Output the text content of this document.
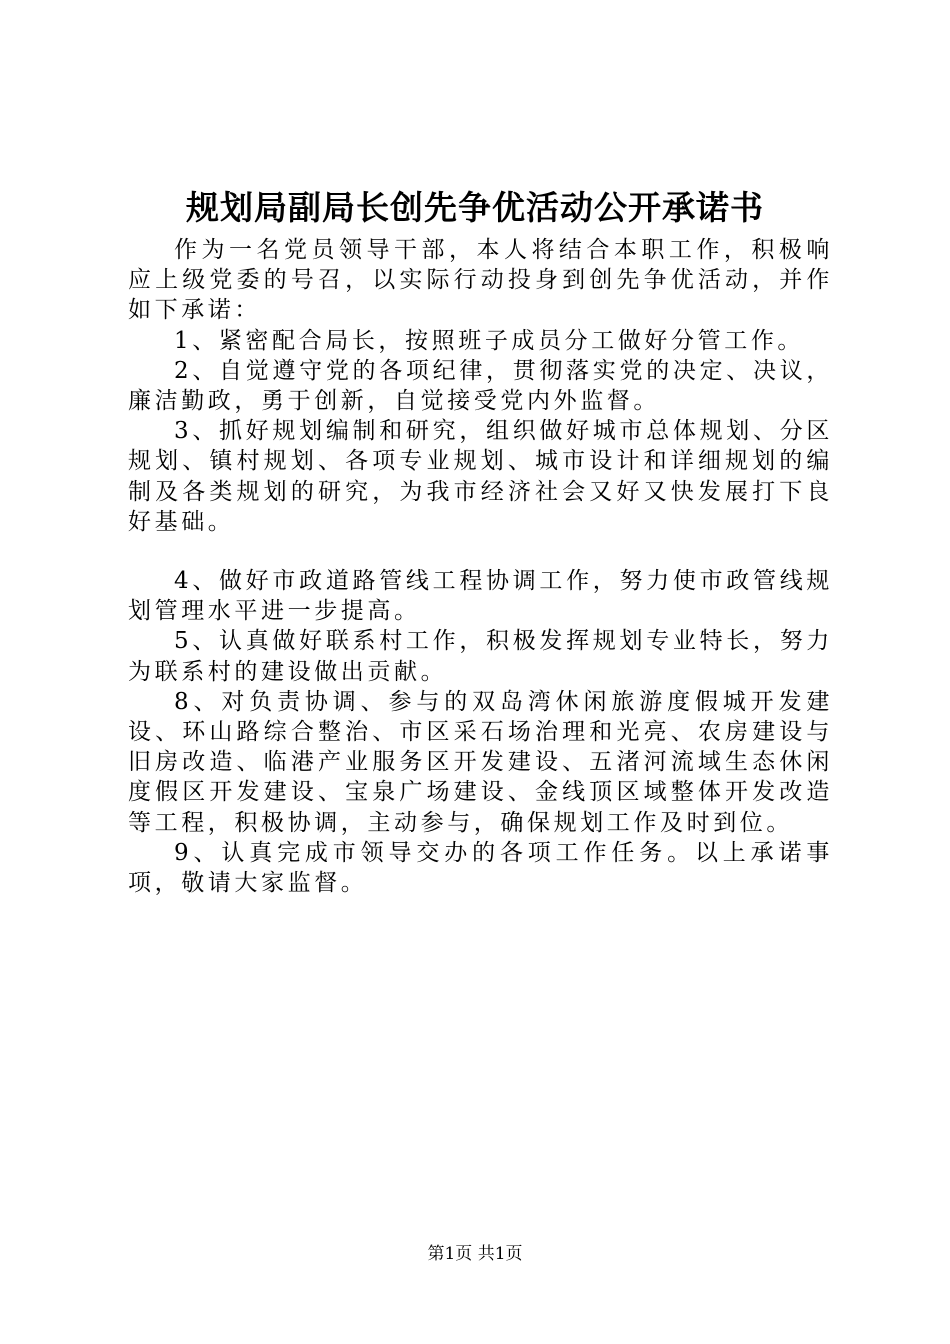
规划局副局长创先争优活动公开承诺书

作为一名党员领导干部，本人将结合本职工作，积极响应上级党委的号召，以实际行动投身到创先争优活动，并作如下承诺：

1、紧密配合局长，按照班子成员分工做好分管工作。

2、自觉遵守党的各项纪律，贯彻落实党的决定、决议，廉洁勤政，勇于创新，自觉接受党内外监督。

3、抓好规划编制和研究，组织做好城市总体规划、分区规划、镇村规划、各项专业规划、城市设计和详细规划的编制及各类规划的研究，为我市经济社会又好又快发展打下良好基础。

4、做好市政道路管线工程协调工作，努力使市政管线规划管理水平进一步提高。

5、认真做好联系村工作，积极发挥规划专业特长，努力为联系村的建设做出贡献。

8、对负责协调、参与的双岛湾休闲旅游度假城开发建设、环山路综合整治、市区采石场治理和光亮、农房建设与旧房改造、临港产业服务区开发建设、五渚河流域生态休闲度假区开发建设、宝泉广场建设、金线顶区域整体开发改造等工程，积极协调，主动参与，确保规划工作及时到位。

9、认真完成市领导交办的各项工作任务。以上承诺事项，敬请大家监督。

第1页 共1页
